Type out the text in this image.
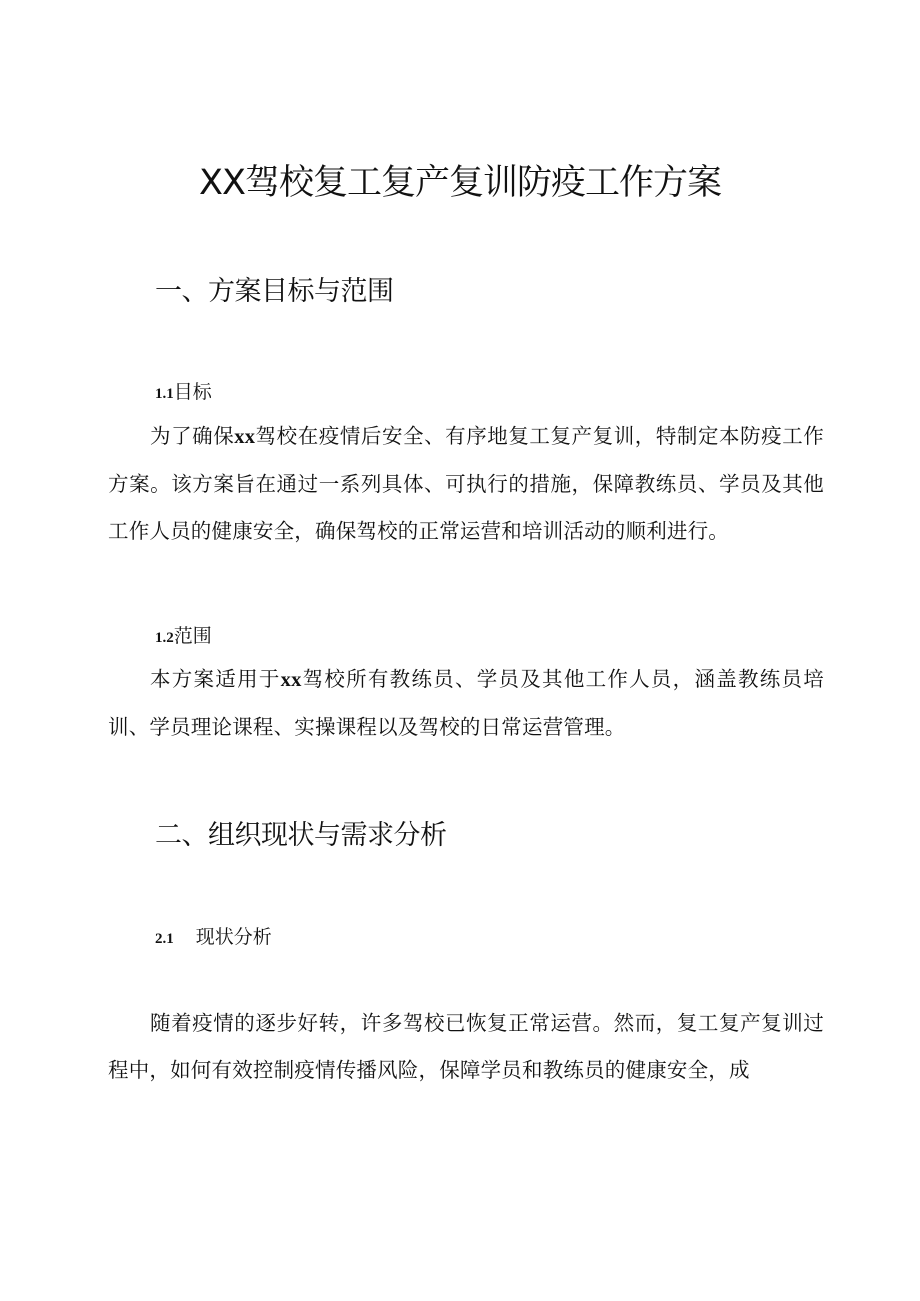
XX驾校复工复产复训防疫工作方案
一、方案目标与范围
1.1目标

为了确保xx驾校在疫情后安全、有序地复工复产复训，特制定本防疫工作方案。该方案旨在通过一系列具体、可执行的措施，保障教练员、学员及其他工作人员的健康安全，确保驾校的正常运营和培训活动的顺利进行。

1.2范围

本方案适用于xx驾校所有教练员、学员及其他工作人员，涵盖教练员培训、学员理论课程、实操课程以及驾校的日常运营管理。

二、组织现状与需求分析
2.1 现状分析

随着疫情的逐步好转，许多驾校已恢复正常运营。然而，复工复产复训过程中，如何有效控制疫情传播风险，保障学员和教练员的健康安全，成
